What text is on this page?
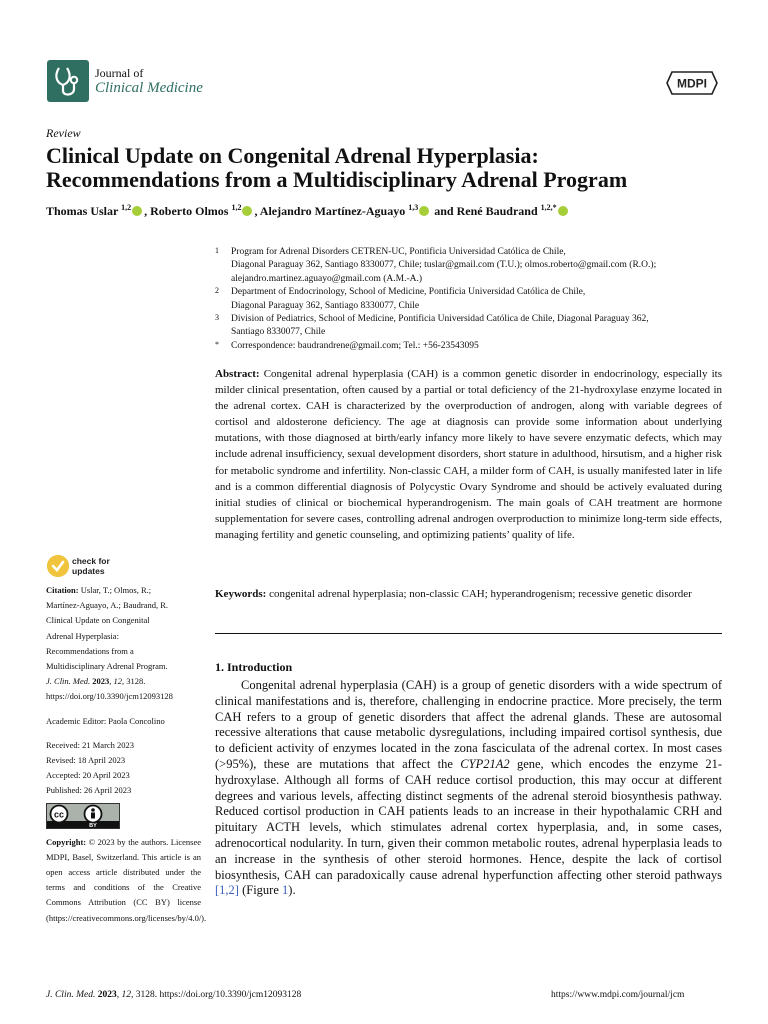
Journal of
Clinical Medicine	MDPI
Review
Clinical Update on Congenital Adrenal Hyperplasia:
Recommendations from a Multidisciplinary Adrenal Program
Thomas Uslar $^{1,2}$ , Roberto Olmos $^{1,2}$ , Alejandro Martínez-Aguayo $^{1,3}$ and René Baudrand $^{1,2,*}$
1 Program for Adrenal Disorders CETREN-UC, Pontificia Universidad Católica de Chile,
Diagonal Paraguay 362, Santiago 8330077, Chile; tuslar@gmail.com (T.U.); olmos.roberto@gmail.com (R.O.);
alejandro.martinez.aguayo@gmail.com (A.M.-A.)
2 Department of Endocrinology, School of Medicine, Pontificia Universidad Católica de Chile,
Diagonal Paraguay 362, Santiago 8330077, Chile
3 Division of Pediatrics, School of Medicine, Pontificia Universidad Católica de Chile, Diagonal Paraguay 362,
Santiago 8330077, Chile
* Correspondence: baudrandrene@gmail.com; Tel.: +56-23543095
Abstract: Congenital adrenal hyperplasia (CAH) is a common genetic disorder in endocrinology, especially its milder clinical presentation, often caused by a partial or total deficiency of the 21-hydroxylase enzyme located in the adrenal cortex. CAH is characterized by the overproduction of androgen, along with variable degrees of cortisol and aldosterone deficiency. The age at diagnosis can provide some information about underlying mutations, with those diagnosed at birth/early infancy more likely to have severe enzymatic defects, which may include adrenal insufficiency, sexual development disorders, short stature in adulthood, hirsutism, and a higher risk for metabolic syndrome and infertility. Non-classic CAH, a milder form of CAH, is usually manifested later in life and is a common differential diagnosis of Polycystic Ovary Syndrome and should be actively evaluated during initial studies of clinical or biochemical hyperandrogenism. The main goals of CAH treatment are hormone supplementation for severe cases, controlling adrenal androgen overproduction to minimize long-term side effects, managing fertility and genetic counseling, and optimizing patients’ quality of life.
Keywords: congenital adrenal hyperplasia; non-classic CAH; hyperandrogenism; recessive genetic disorder
1. Introduction
Congenital adrenal hyperplasia (CAH) is a group of genetic disorders with a wide spectrum of clinical manifestations and is, therefore, challenging in endocrine practice. More precisely, the term CAH refers to a group of genetic disorders that affect the adrenal glands. These are autosomal recessive alterations that cause metabolic dysregulations, including impaired cortisol synthesis, due to deficient activity of enzymes located in the zona fasciculata of the adrenal cortex. In most cases (>95%), these are mutations that affect the CYP21A2 gene, which encodes the enzyme 21-hydroxylase. Although all forms of CAH reduce cortisol production, this may occur at different degrees and various levels, affecting distinct segments of the adrenal steroid biosynthesis pathway. Reduced cortisol production in CAH patients leads to an increase in their hypothalamic CRH and pituitary ACTH levels, which stimulates adrenal cortex hyperplasia, and, in some cases, adrenocortical nodularity. In turn, given their common metabolic routes, adrenal hyperplasia leads to an increase in the synthesis of other steroid hormones. Hence, despite the lack of cortisol biosynthesis, CAH can paradoxically cause adrenal hyperfunction affecting other steroid pathways [1,2] (Figure 1).
check for
updates
Citation: Uslar, T.; Olmos, R.;
Martínez-Aguayo, A.; Baudrand, R.
Clinical Update on Congenital
Adrenal Hyperplasia:
Recommendations from a
Multidisciplinary Adrenal Program.
J. Clin. Med. 2023, 12, 3128.
https://doi.org/10.3390/jcm12093128
Academic Editor: Paola Concolino
Received: 21 March 2023
Revised: 18 April 2023
Accepted: 20 April 2023
Published: 26 April 2023
cc
BY
Copyright: © 2023 by the authors. Licensee MDPI, Basel, Switzerland. This article is an open access article distributed under the terms and conditions of the Creative Commons Attribution (CC BY) license (https://creativecommons.org/licenses/by/4.0/).
J. Clin. Med. 2023, 12, 3128. https://doi.org/10.3390/jcm12093128	https://www.mdpi.com/journal/jcm
